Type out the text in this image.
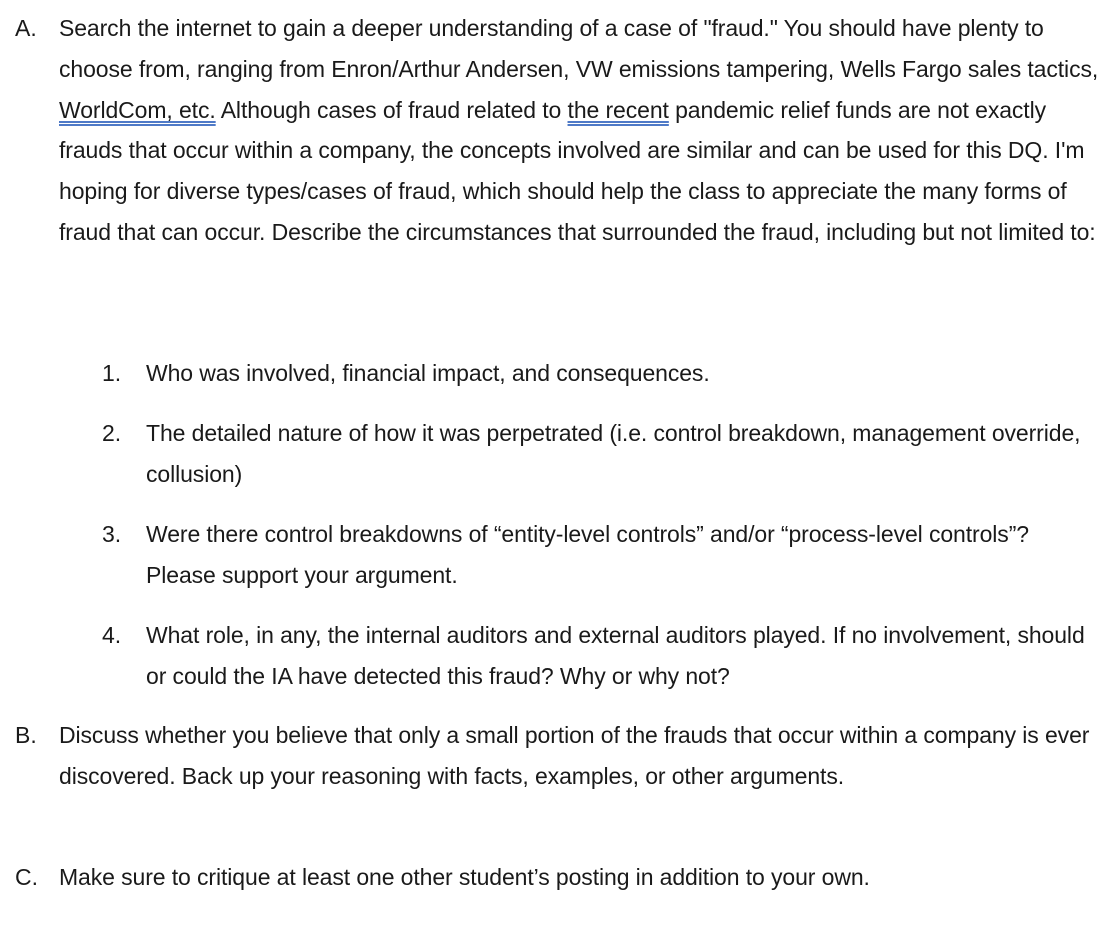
A. Search the internet to gain a deeper understanding of a case of "fraud." You should have plenty to choose from, ranging from Enron/Arthur Andersen, VW emissions tampering, Wells Fargo sales tactics, WorldCom, etc. Although cases of fraud related to the recent pandemic relief funds are not exactly frauds that occur within a company, the concepts involved are similar and can be used for this DQ. I'm hoping for diverse types/cases of fraud, which should help the class to appreciate the many forms of fraud that can occur. Describe the circumstances that surrounded the fraud, including but not limited to:
1. Who was involved, financial impact, and consequences.
2. The detailed nature of how it was perpetrated (i.e. control breakdown, management override, collusion)
3. Were there control breakdowns of “entity-level controls” and/or “process-level controls”? Please support your argument.
4. What role, in any, the internal auditors and external auditors played. If no involvement, should or could the IA have detected this fraud? Why or why not?
B. Discuss whether you believe that only a small portion of the frauds that occur within a company is ever discovered. Back up your reasoning with facts, examples, or other arguments.
C. Make sure to critique at least one other student’s posting in addition to your own.
